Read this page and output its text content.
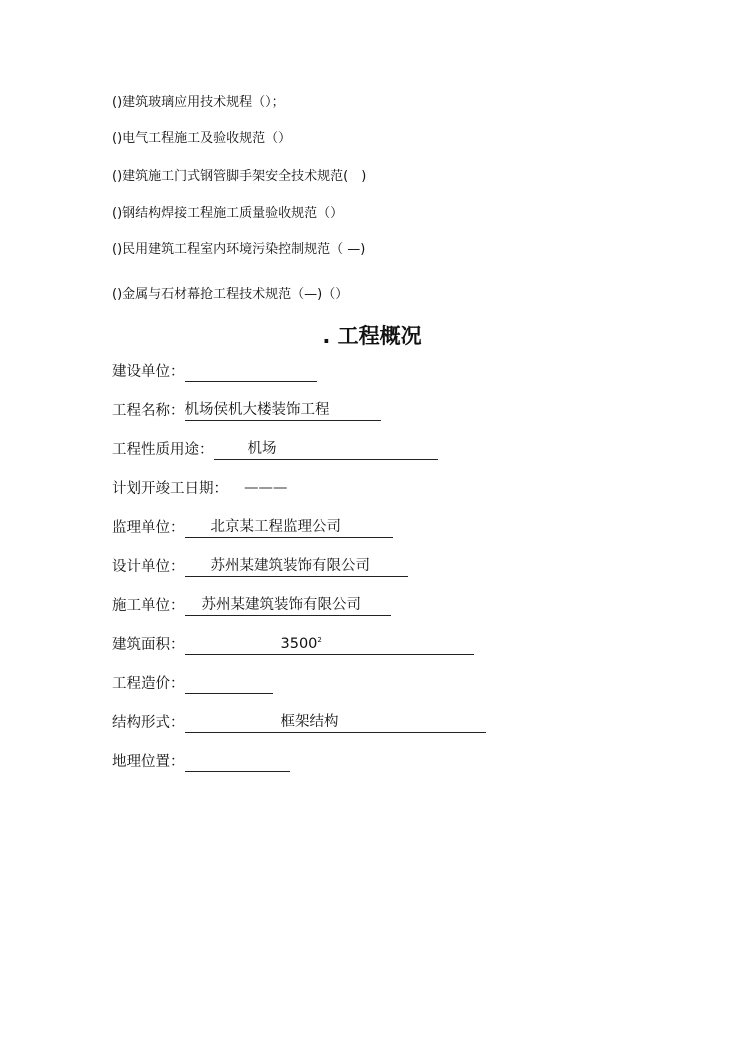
()建筑玻璃应用技术规程（）；
()电气工程施工及验收规范（）
()建筑施工门式钢管脚手架安全技术规范(　)
()钢结构焊接工程施工质量验收规范（）
()民用建筑工程室内环境污染控制规范（ —)
()金属与石材幕抢工程技术规范（—)（）
. 工程概况
建设单位：
工程名称： 机场侯机大楼装饰工程
工程性质用途：	机场
计划开竣工日期：	———
监理单位：	北京某工程监理公司
设计单位：	苏州某建筑装饰有限公司
施工单位：	苏州某建筑装饰有限公司
建筑面积：	3500$^2$
工程造价：
结构形式：	框架结构
地理位置：
